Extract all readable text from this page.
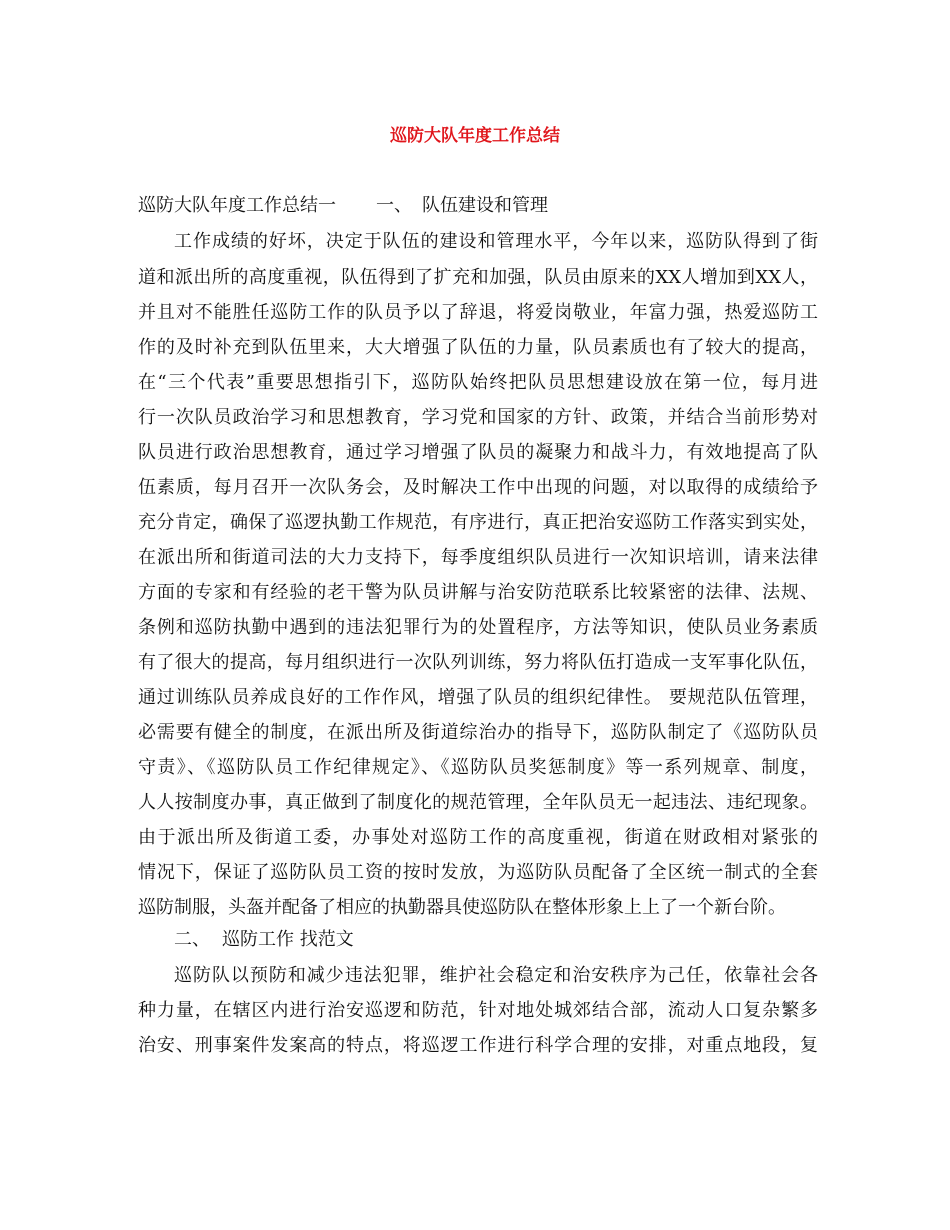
巡防大队年度工作总结
巡防大队年度工作总结一 一、 队伍建设和管理
工作成绩的好坏，决定于队伍的建设和管理水平，今年以来，巡防队得到了街
道和派出所的高度重视，队伍得到了扩充和加强，队员由原来的XX人增加到XX人，
并且对不能胜任巡防工作的队员予以了辞退，将爱岗敬业，年富力强，热爱巡防工
作的及时补充到队伍里来，大大增强了队伍的力量，队员素质也有了较大的提高，
在“三个代表”重要思想指引下，巡防队始终把队员思想建设放在第一位，每月进
行一次队员政治学习和思想教育，学习党和国家的方针、政策，并结合当前形势对
队员进行政治思想教育，通过学习增强了队员的凝聚力和战斗力，有效地提高了队
伍素质，每月召开一次队务会，及时解决工作中出现的问题，对以取得的成绩给予
充分肯定，确保了巡逻执勤工作规范，有序进行，真正把治安巡防工作落实到实处，
在派出所和街道司法的大力支持下，每季度组织队员进行一次知识培训，请来法律
方面的专家和有经验的老干警为队员讲解与治安防范联系比较紧密的法律、法规、
条例和巡防执勤中遇到的违法犯罪行为的处置程序，方法等知识，使队员业务素质
有了很大的提高，每月组织进行一次队列训练，努力将队伍打造成一支军事化队伍，
通过训练队员养成良好的工作作风，增强了队员的组织纪律性。 要规范队伍管理，
必需要有健全的制度，在派出所及街道综治办的指导下，巡防队制定了《巡防队员
守责》、《巡防队员工作纪律规定》、《巡防队员奖惩制度》等一系列规章、制度，
人人按制度办事，真正做到了制度化的规范管理，全年队员无一起违法、违纪现象。
由于派出所及街道工委，办事处对巡防工作的高度重视，街道在财政相对紧张的
情况下，保证了巡防队员工资的按时发放，为巡防队员配备了全区统一制式的全套
巡防制服，头盔并配备了相应的执勤器具使巡防队在整体形象上上了一个新台阶。
二、 巡防工作 找范文
巡防队以预防和减少违法犯罪，维护社会稳定和治安秩序为己任，依靠社会各
种力量，在辖区内进行治安巡逻和防范，针对地处城郊结合部，流动人口复杂繁多
治安、刑事案件发案高的特点，将巡逻工作进行科学合理的安排，对重点地段，复
